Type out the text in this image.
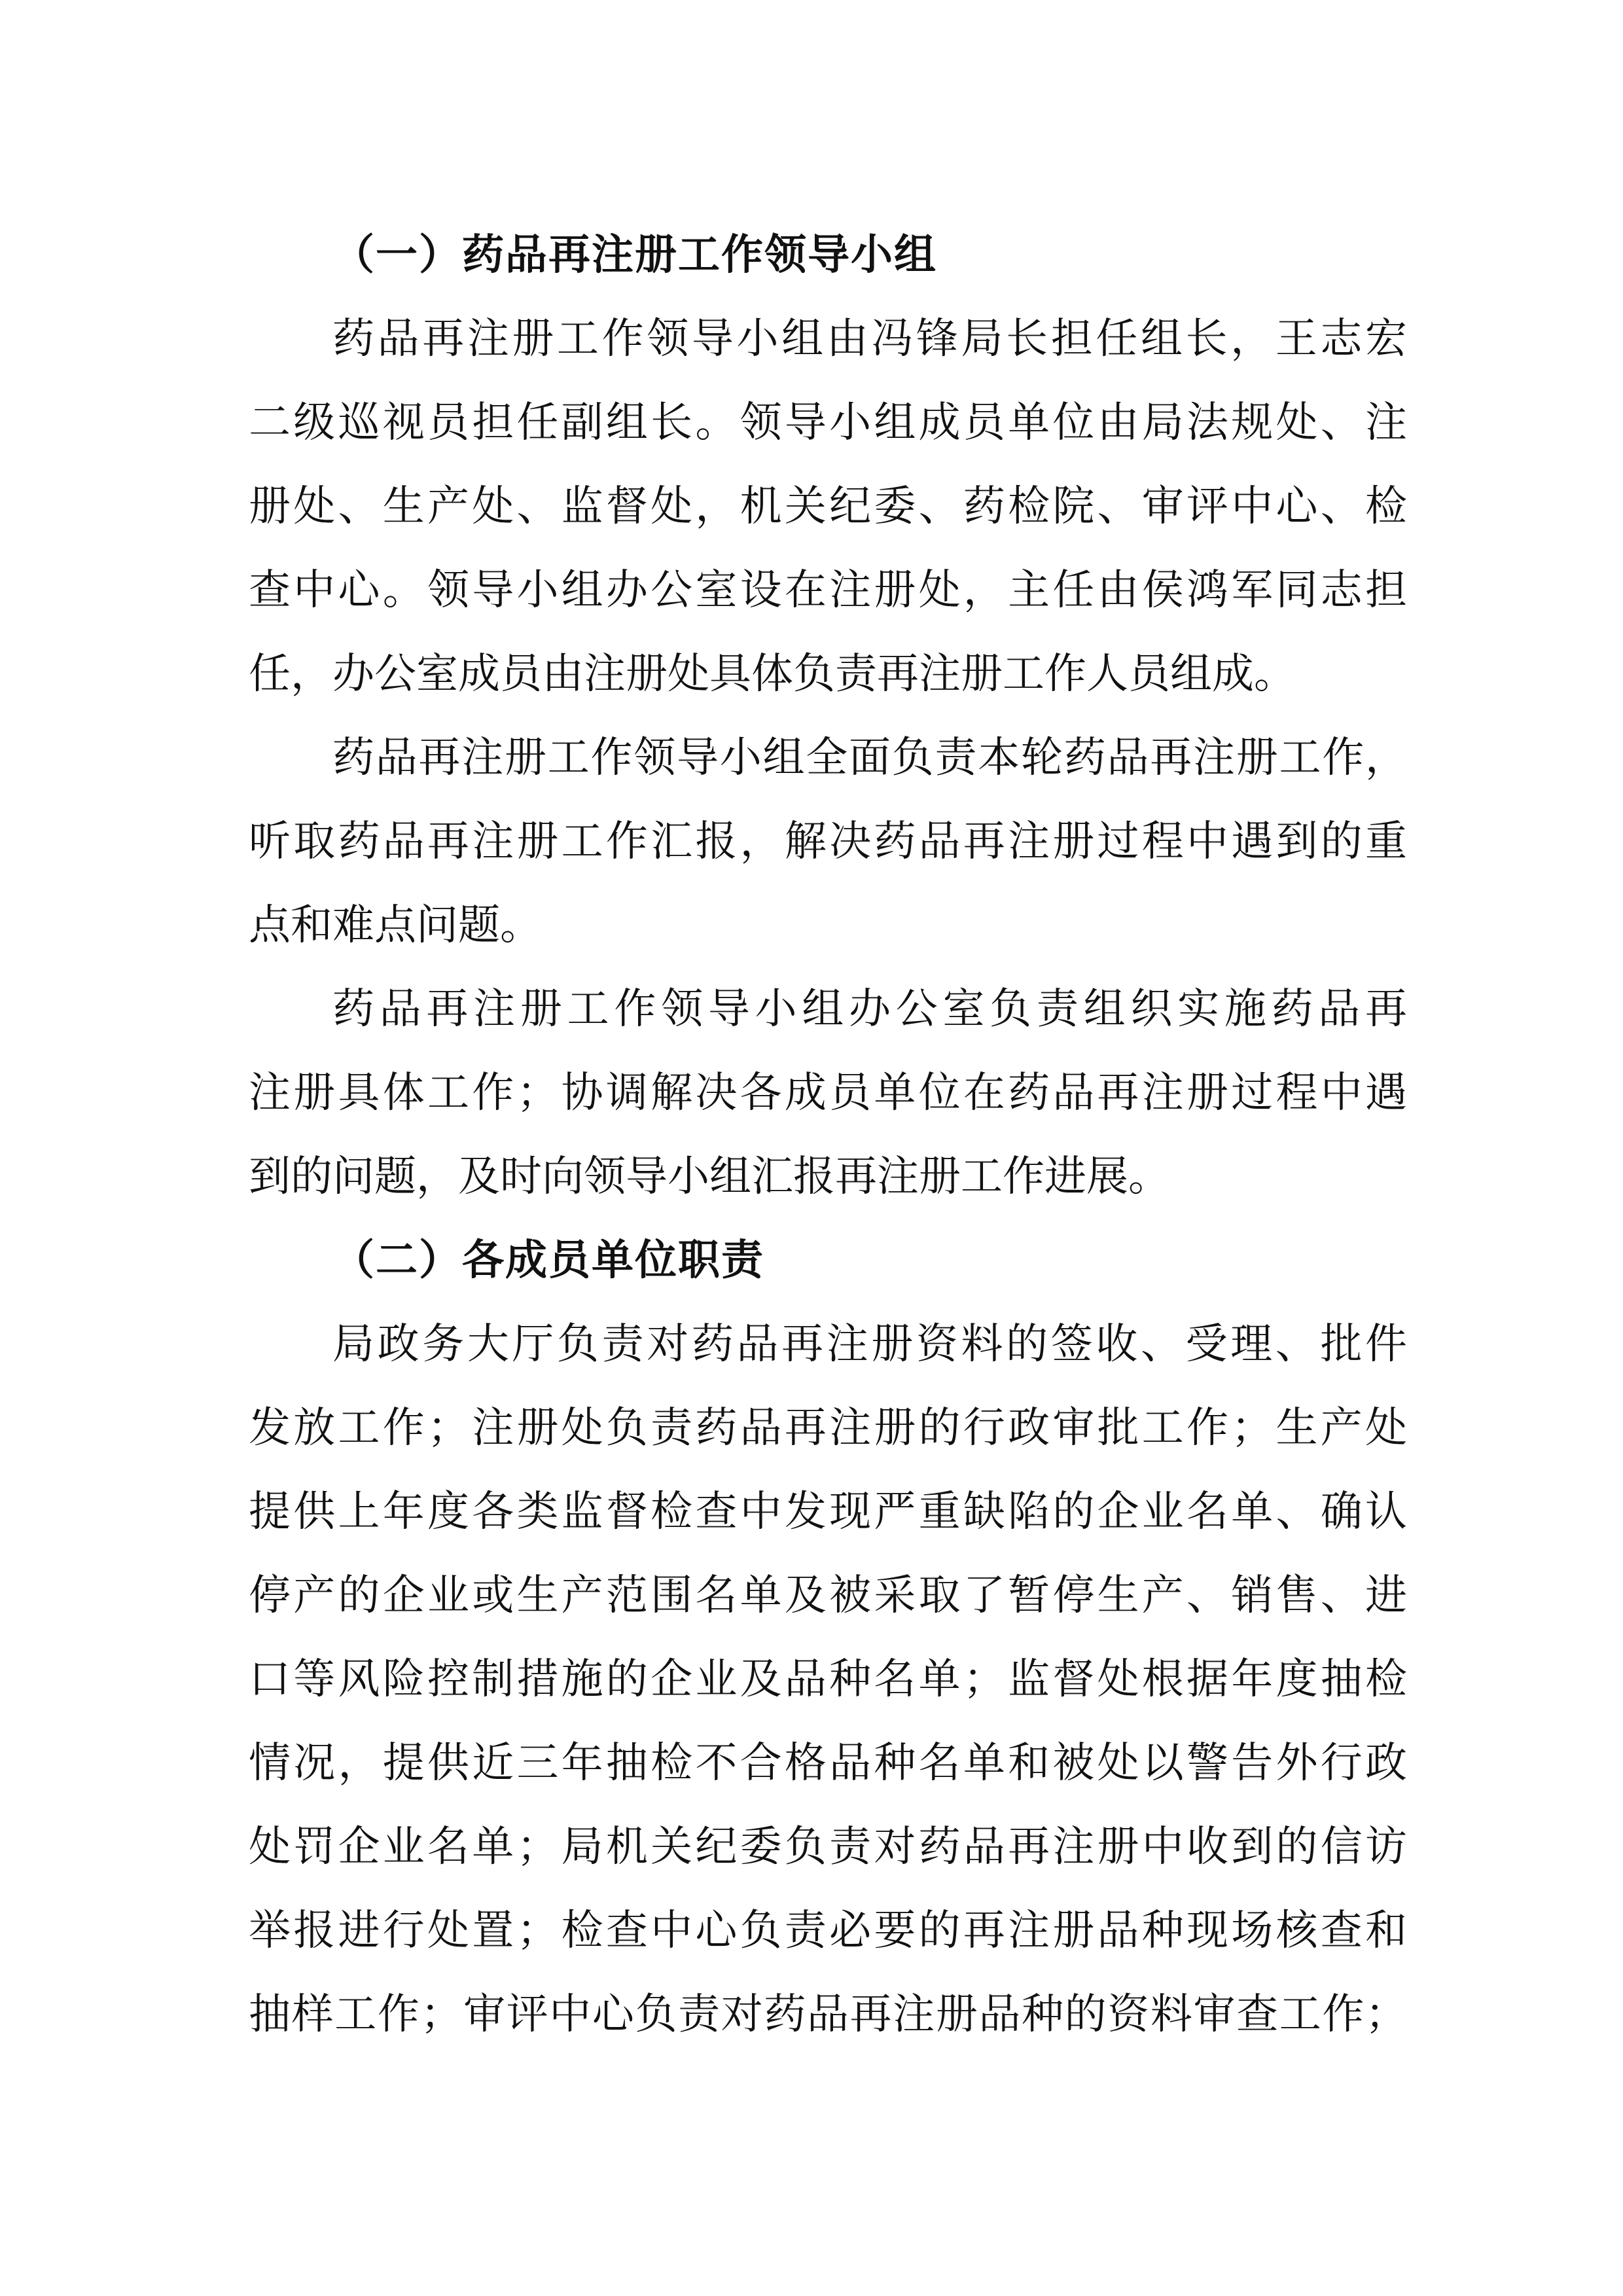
（一）药品再注册工作领导小组
药品再注册工作领导小组由冯锋局长担任组长，王志宏
二级巡视员担任副组长。领导小组成员单位由局法规处、注
册处、生产处、监督处，机关纪委、药检院、审评中心、检
查中心。领导小组办公室设在注册处，主任由侯鸿军同志担
任，办公室成员由注册处具体负责再注册工作人员组成。
药品再注册工作领导小组全面负责本轮药品再注册工作，
听取药品再注册工作汇报，解决药品再注册过程中遇到的重
点和难点问题。
药品再注册工作领导小组办公室负责组织实施药品再
注册具体工作；协调解决各成员单位在药品再注册过程中遇
到的问题，及时向领导小组汇报再注册工作进展。
（二）各成员单位职责
局政务大厅负责对药品再注册资料的签收、受理、批件
发放工作；注册处负责药品再注册的行政审批工作；生产处
提供上年度各类监督检查中发现严重缺陷的企业名单、确认
停产的企业或生产范围名单及被采取了暂停生产、销售、进
口等风险控制措施的企业及品种名单；监督处根据年度抽检
情况，提供近三年抽检不合格品种名单和被处以警告外行政
处罚企业名单；局机关纪委负责对药品再注册中收到的信访
举报进行处置；检查中心负责必要的再注册品种现场核查和
抽样工作；审评中心负责对药品再注册品种的资料审查工作；
